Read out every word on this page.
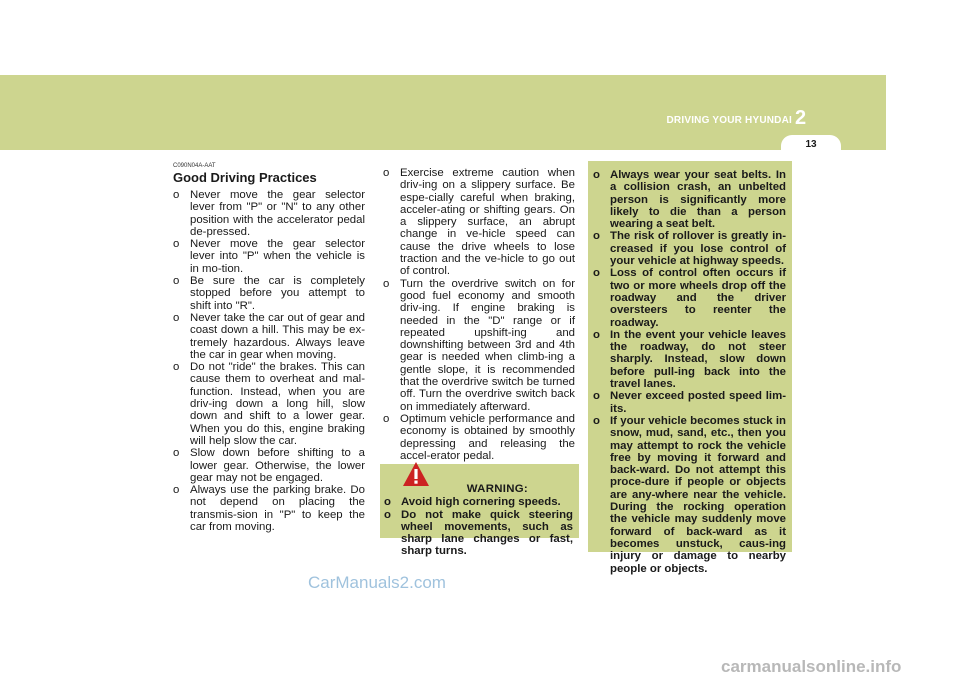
DRIVING YOUR HYUNDAI 2
13

C090N04A-AAT

Good Driving Practices

o Never move the gear selector lever from "P" or "N" to any other position with the accelerator pedal de-pressed.
o Never move the gear selector lever into "P" when the vehicle is in mo-tion.
o Be sure the car is completely stopped before you attempt to shift into "R".
o Never take the car out of gear and coast down a hill. This may be ex-tremely hazardous. Always leave the car in gear when moving.
o Do not "ride" the brakes. This can cause them to overheat and mal-function. Instead, when you are driv-ing down a long hill, slow down and shift to a lower gear. When you do this, engine braking will help slow the car.
o Slow down before shifting to a lower gear. Otherwise, the lower gear may not be engaged.
o Always use the parking brake. Do not depend on placing the transmis-sion in "P" to keep the car from moving.
o Exercise extreme caution when driv-ing on a slippery surface. Be espe-cially careful when braking, acceler-ating or shifting gears. On a slippery surface, an abrupt change in ve-hicle speed can cause the drive wheels to lose traction and the ve-hicle to go out of control.
o Turn the overdrive switch on for good fuel economy and smooth driv-ing. If engine braking is needed in the "D" range or if repeated upshift-ing and downshifting between 3rd and 4th gear is needed when climb-ing a gentle slope, it is recommended that the overdrive switch be turned off. Turn the overdrive switch back on immediately afterward.
o Optimum vehicle performance and economy is obtained by smoothly depressing and releasing the accel-erator pedal.

WARNING:

o Avoid high cornering speeds.
o Do not make quick steering wheel movements, such as sharp lane changes or fast, sharp turns.
o Always wear your seat belts. In a collision crash, an unbelted person is significantly more likely to die than a person wearing a seat belt.
o The risk of rollover is greatly in-creased if you lose control of your vehicle at highway speeds.
o Loss of control often occurs if two or more wheels drop off the roadway and the driver oversteers to reenter the roadway.
o In the event your vehicle leaves the roadway, do not steer sharply. Instead, slow down before pull-ing back into the travel lanes.
o Never exceed posted speed lim-its.
o If your vehicle becomes stuck in snow, mud, sand, etc., then you may attempt to rock the vehicle free by moving it forward and back-ward. Do not attempt this proce-dure if people or objects are any-where near the vehicle. During the rocking operation the vehicle may suddenly move forward of back-ward as it becomes unstuck, caus-ing injury or damage to nearby people or objects.
CarManuals2.com
carmanualsonline.info
